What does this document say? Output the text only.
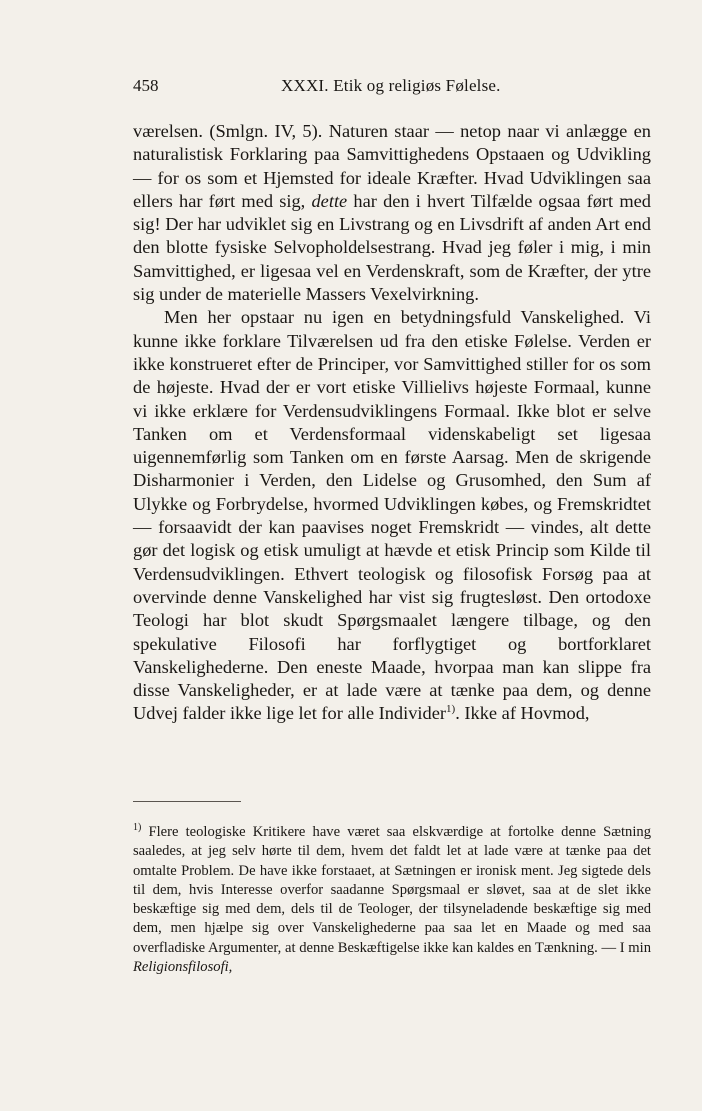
458	XXXI. Etik og religiøs Følelse.

værelsen. (Smlgn. IV, 5). Naturen staar — netop naar vi anlægge en naturalistisk Forklaring paa Samvittighedens Opstaaen og Udvikling — for os som et Hjemsted for ideale Kræfter. Hvad Udviklingen saa ellers har ført med sig, dette har den i hvert Tilfælde ogsaa ført med sig! Der har udviklet sig en Livstrang og en Livsdrift af anden Art end den blotte fysiske Selvopholdelsestrang. Hvad jeg føler i mig, i min Samvittighed, er ligesaa vel en Verdenskraft, som de Kræfter, der ytre sig under de materielle Massers Vexelvirkning.

Men her opstaar nu igen en betydningsfuld Vanskelighed. Vi kunne ikke forklare Tilværelsen ud fra den etiske Følelse. Verden er ikke konstrueret efter de Principer, vor Samvittighed stiller for os som de højeste. Hvad der er vort etiske Villielivs højeste Formaal, kunne vi ikke erklære for Verdensudviklingens Formaal. Ikke blot er selve Tanken om et Verdensformaal videnskabeligt set ligesaa uigennemførlig som Tanken om en første Aarsag. Men de skrigende Disharmonier i Verden, den Lidelse og Grusomhed, den Sum af Ulykke og Forbrydelse, hvormed Udviklingen købes, og Fremskridtet — forsaavidt der kan paavises noget Fremskridt — vindes, alt dette gør det logisk og etisk umuligt at hævde et etisk Princip som Kilde til Verdensudviklingen. Ethvert teologisk og filosofisk Forsøg paa at overvinde denne Vanskelighed har vist sig frugtesløst. Den ortodoxe Teologi har blot skudt Spørgsmaalet længere tilbage, og den spekulative Filosofi har forflygtiget og bortforklaret Vanskelighederne. Den eneste Maade, hvorpaa man kan slippe fra disse Vanskeligheder, er at lade være at tænke paa dem, og denne Udvej falder ikke lige let for alle Individer$^{1)}$. Ikke af Hovmod,

$^{1)}$ Flere teologiske Kritikere have været saa elskværdige at fortolke denne Sætning saaledes, at jeg selv hørte til dem, hvem det faldt let at lade være at tænke paa det omtalte Problem. De have ikke forstaaet, at Sætningen er ironisk ment. Jeg sigtede dels til dem, hvis Interesse overfor saadanne Spørgsmaal er sløvet, saa at de slet ikke beskæftige sig med dem, dels til de Teologer, der tilsyneladende beskæftige sig med dem, men hjælpe sig over Vanskelighederne paa saa let en Maade og med saa overfladiske Argumenter, at denne Beskæftigelse ikke kan kaldes en Tænkning. — I min Religionsfilosofi,
